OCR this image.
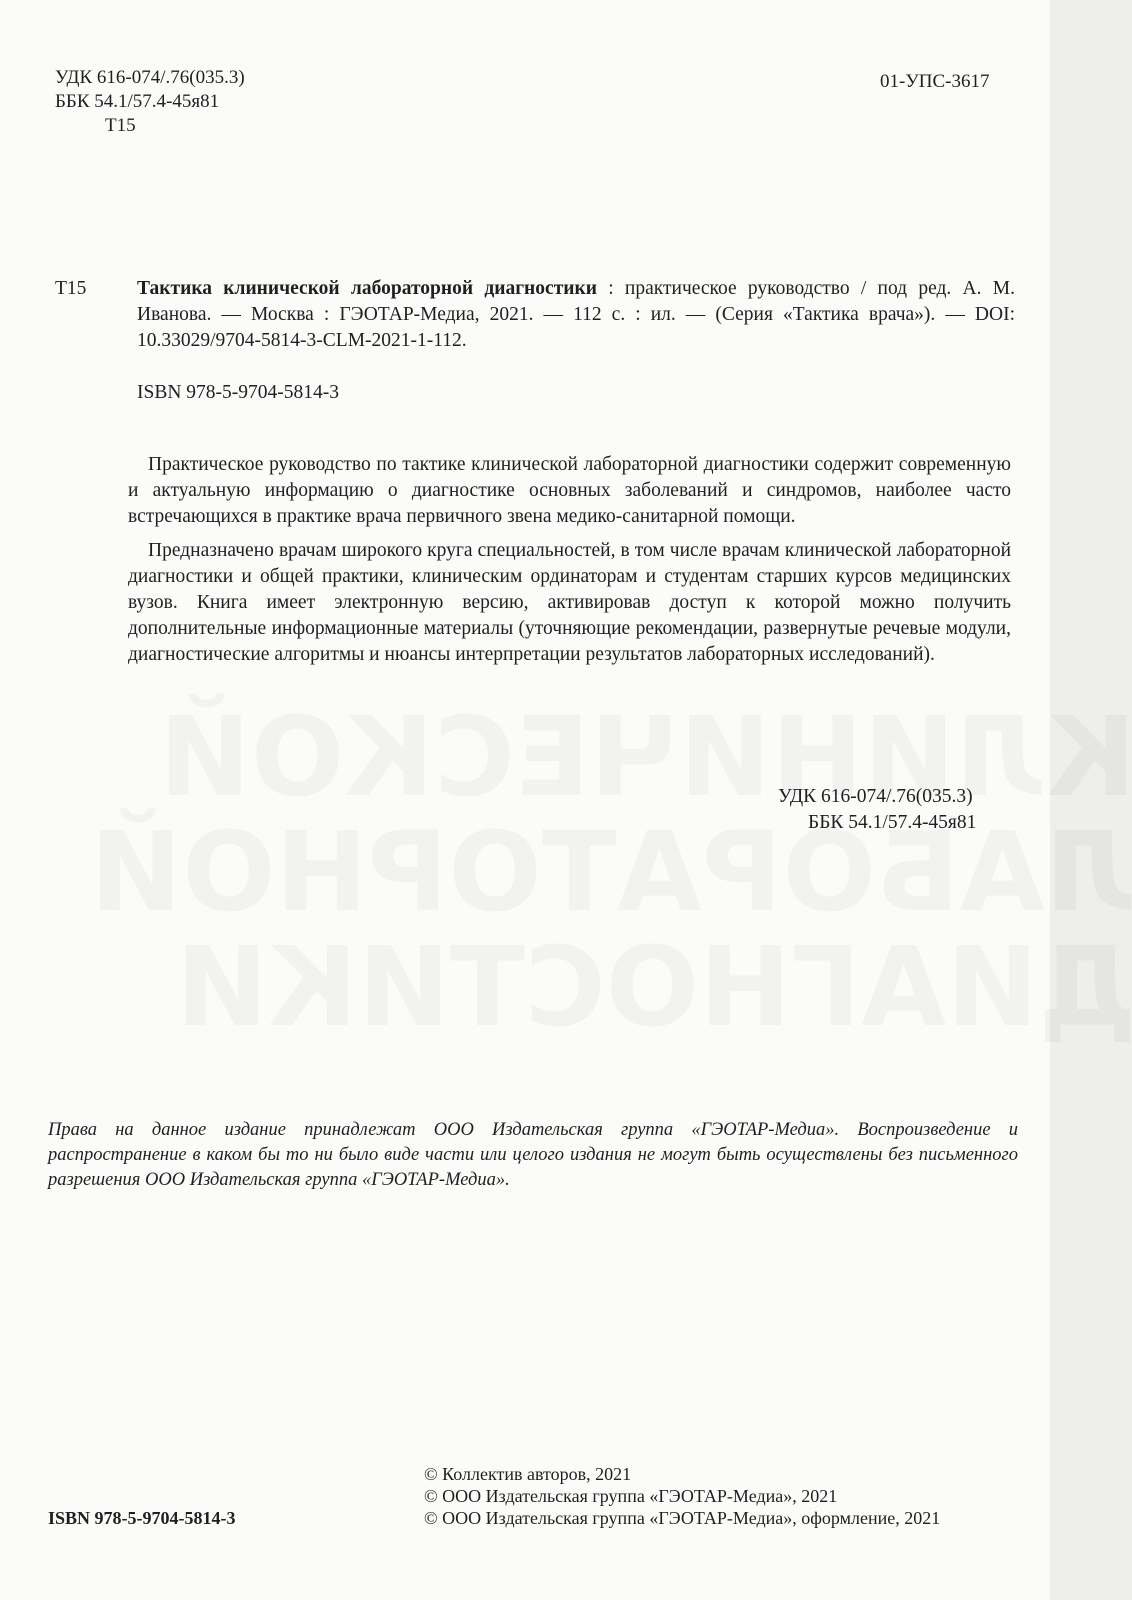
УДК 616-074/.76(035.3)
ББК 54.1/57.4-45я81
Т15
01-УПС-3617
Т15	Тактика клинической лабораторной диагностики : практическое руководство / под ред. А. М. Иванова. — Москва : ГЭОТАР-Медиа, 2021. — 112 с. : ил. — (Серия «Тактика врача»). — DOI: 10.33029/9704-5814-3-CLM-2021-1-112.
ISBN 978-5-9704-5814-3

Практическое руководство по тактике клинической лабораторной диагностики содержит современную и актуальную информацию о диагностике основных заболеваний и синдромов, наиболее часто встречающихся в практике врача первичного звена медико-санитарной помощи.

Предназначено врачам широкого круга специальностей, в том числе врачам клинической лабораторной диагностики и общей практики, клиническим ординаторам и студентам старших курсов медицинских вузов. Книга имеет электронную версию, активировав доступ к которой можно получить дополнительные информационные материалы (уточняющие рекомендации, развернутые речевые модули, диагностические алгоритмы и нюансы интерпретации результатов лабораторных исследований).

УДК 616-074/.76(035.3)
ББК 54.1/57.4-45я81
Права на данное издание принадлежат ООО Издательская группа «ГЭОТАР-Медиа». Воспроизведение и распространение в каком бы то ни было виде части или целого издания не могут быть осуществлены без письменного разрешения ООО Издательская группа «ГЭОТАР-Медиа».
ISBN 978-5-9704-5814-3
© Коллектив авторов, 2021
© ООО Издательская группа «ГЭОТАР-Медиа», 2021
© ООО Издательская группа «ГЭОТАР-Медиа», оформление, 2021
